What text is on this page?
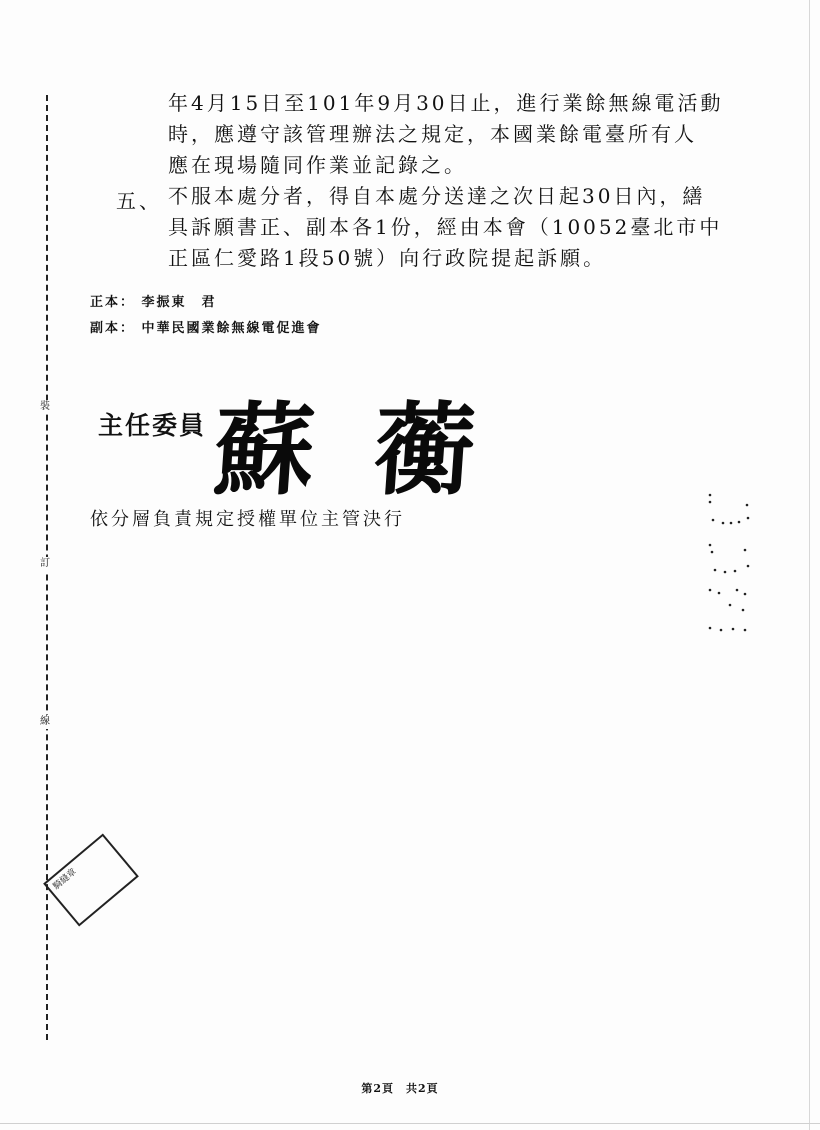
裝
訂
線

年4月15日至101年9月30日止，進行業餘無線電活動

時，應遵守該管理辦法之規定，本國業餘電臺所有人

應在現場隨同作業並記錄之。

五、 不服本處分者，得自本處分送達之次日起30日內，繕

具訴願書正、副本各1份，經由本會（10052臺北市中

正區仁愛路1段50號）向行政院提起訴願。

正本： 李振東　君
副本： 中華民國業餘無線電促進會
主任委員 蘇蘅
依分層負責規定授權單位主管決行
騎縫章
第2頁　共2頁
